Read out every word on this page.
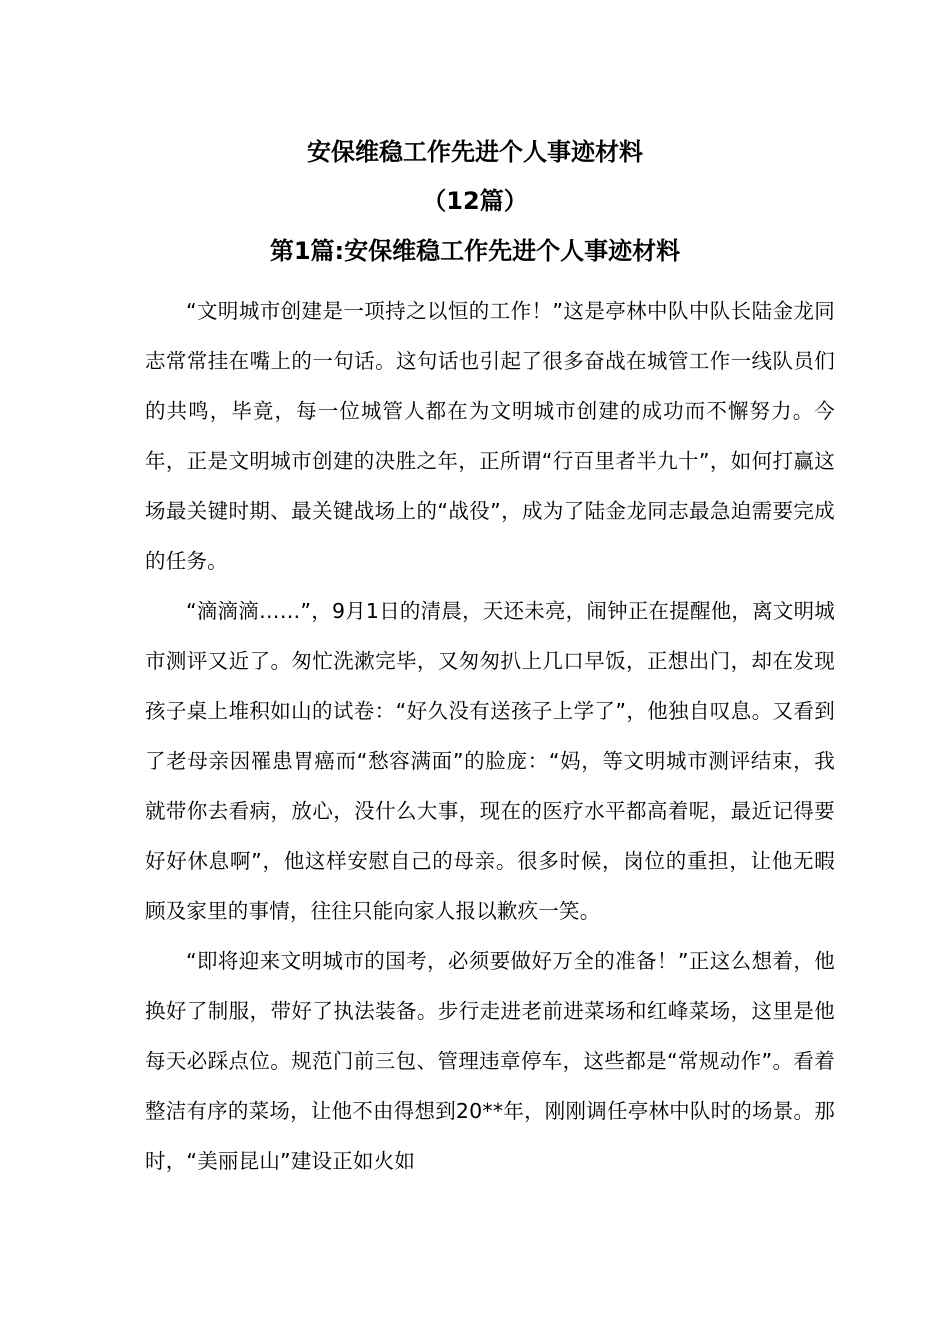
安保维稳工作先进个人事迹材料
（12篇）
第1篇:安保维稳工作先进个人事迹材料

“文明城市创建是一项持之以恒的工作！”这是亭林中队中队长陆金龙同志常常挂在嘴上的一句话。这句话也引起了很多奋战在城管工作一线队员们的共鸣，毕竟，每一位城管人都在为文明城市创建的成功而不懈努力。今年，正是文明城市创建的决胜之年，正所谓“行百里者半九十”，如何打赢这场最关键时期、最关键战场上的“战役”，成为了陆金龙同志最急迫需要完成的任务。

“滴滴滴……”，9月1日的清晨，天还未亮，闹钟正在提醒他，离文明城市测评又近了。匆忙洗漱完毕，又匆匆扒上几口早饭，正想出门，却在发现孩子桌上堆积如山的试卷：“好久没有送孩子上学了”，他独自叹息。又看到了老母亲因罹患胃癌而“愁容满面”的脸庞：“妈，等文明城市测评结束，我就带你去看病，放心，没什么大事，现在的医疗水平都高着呢，最近记得要好好休息啊”，他这样安慰自己的母亲。很多时候，岗位的重担，让他无暇顾及家里的事情，往往只能向家人报以歉疚一笑。

“即将迎来文明城市的国考，必须要做好万全的准备！”正这么想着，他换好了制服，带好了执法装备。步行走进老前进菜场和红峰菜场，这里是他每天必踩点位。规范门前三包、管理违章停车，这些都是“常规动作”。看着整洁有序的菜场，让他不由得想到20**年，刚刚调任亭林中队时的场景。那时，“美丽昆山”建设正如火如
